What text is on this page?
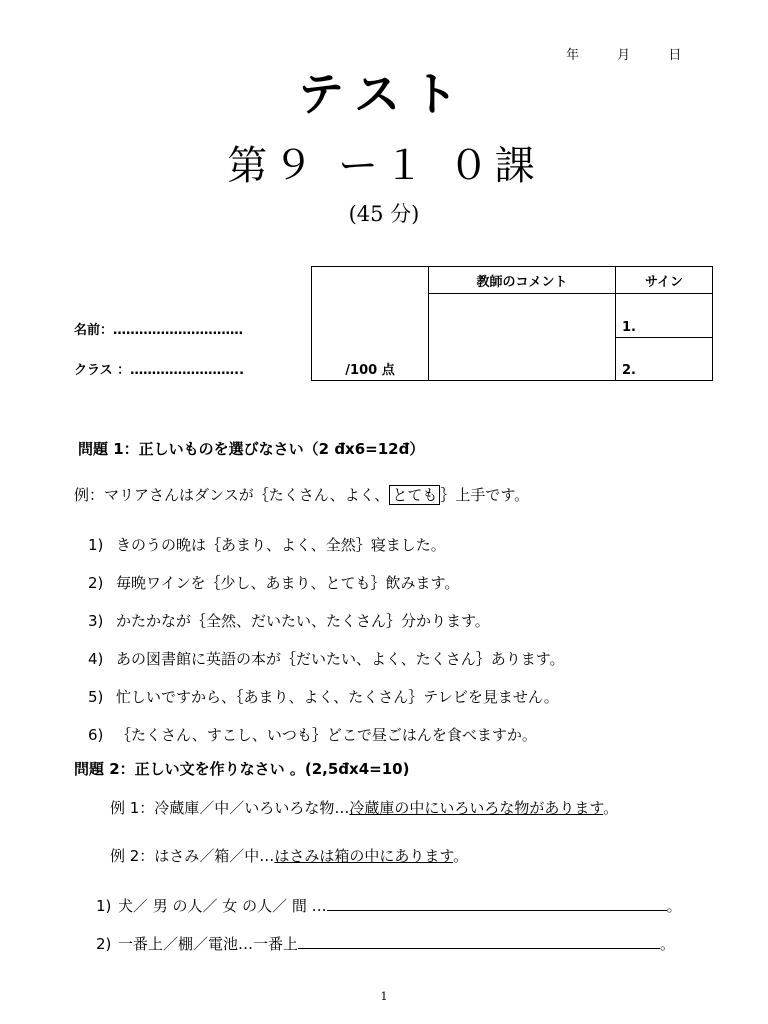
年	月	日
テスト
第９ ー１ ０課
(45 分)
名前：…………………………
クラス ：……………………..	/100 点	教師のコメント	サイン
		1.
		2.
問題 1：正しいものを選びなさい（2 đx6=12đ）
例：マリアさんはダンスが｛たくさん、よく、 とても ｝上手です。
1) きのうの晩は｛あまり、よく、全然｝寝ました。
2) 毎晩ワインを｛少し、あまり、とても｝飲みます。
3) かたかなが｛全然、だいたい、たくさん｝分かります。
4) あの図書館に英語の本が｛だいたい、よく、たくさん｝あります。
5) 忙しいですから、｛あまり、よく、たくさん｝テレビを見ません。
6) ｛たくさん、すこし、いつも｝どこで昼ごはんを食べますか。
問題 2：正しい文を作りなさい 。(2,5đx4=10)
例 1：冷蔵庫／中／いろいろな物…冷蔵庫の中にいろいろな物があります。
例 2：はさみ／箱／中…はさみは箱の中にあります。
1) 犬／ 男 の人／ 女 の人／ 間 …	。
2) 一番上／棚／電池…一番上	。
1
